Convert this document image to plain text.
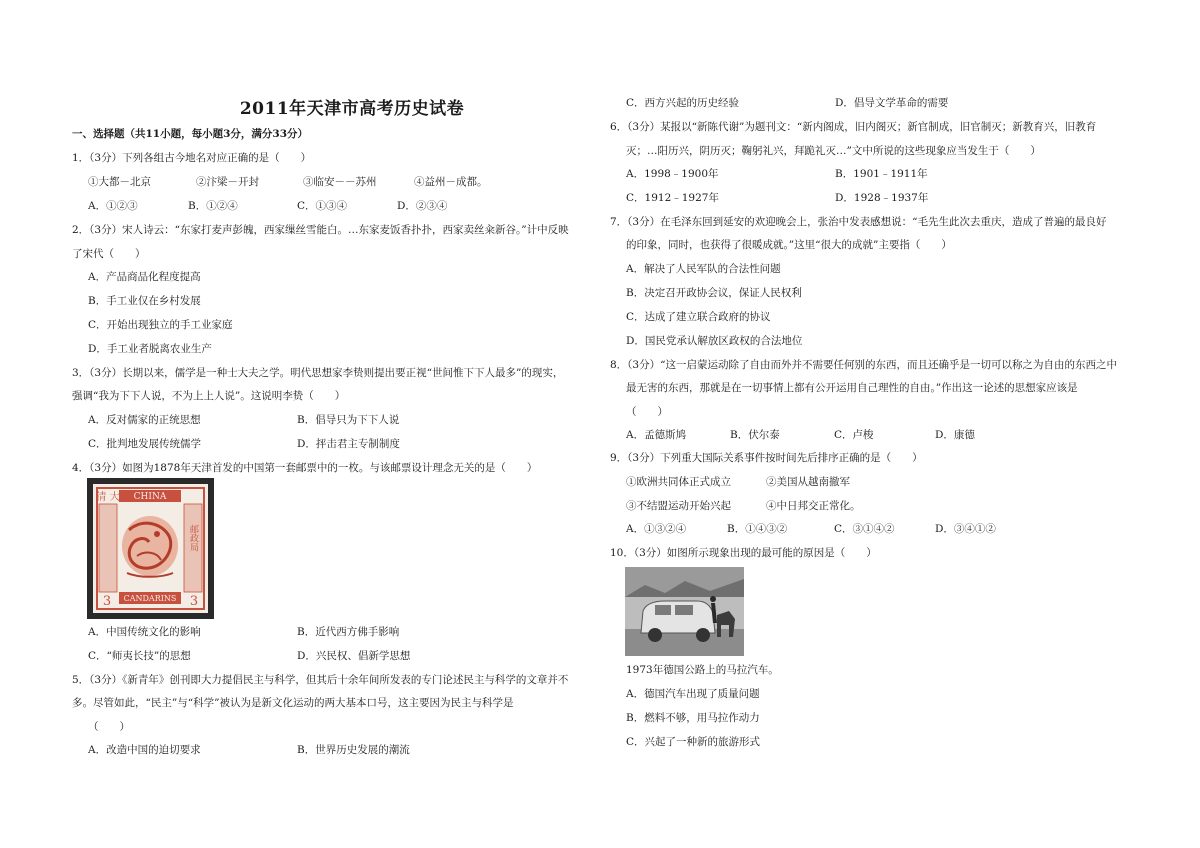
2011年天津市高考历史试卷
一、选择题（共11小题，每小题3分，满分33分）
1．（3分）下列各组古今地名对应正确的是（　　）
①大都－北京	②汴梁－开封	③临安－－苏州	④益州－成都。
A．①②③	B．①②④	C．①③④	D．②③④
2．（3分）宋人诗云：“东家打麦声彭魄，西家缫丝雪能白。…东家麦饭香扑扑，西家卖丝籴新谷。”计中反映
了宋代（　　）
A．产品商品化程度提高
B．手工业仅在乡村发展
C．开始出现独立的手工业家庭
D．手工业者脱离农业生产
3．（3分）长期以来，儒学是一种士大夫之学。明代思想家李贽则提出要正视“世间惟下下人最多”的现实，
强调“我为下下人说，不为上上人说”。这说明李贽（　　）
A．反对儒家的正统思想	B．倡导只为下下人说
C．批判地发展传统儒学	D．抨击君主专制制度
4．（3分）如图为1878年天津首发的中国第一套邮票中的一枚。与该邮票设计理念无关的是（　　）
CHINA
清 大
邮政局
CANDARINS
3	3
A．中国传统文化的影响	B．近代西方佛手影响
C．“师夷长技”的思想	D．兴民权、倡新学思想
5．（3分）《新青年》创刊即大力提倡民主与科学，但其后十余年间所发表的专门论述民主与科学的文章并不
多。尽管如此，“民主”与“科学”被认为是新文化运动的两大基本口号，这主要因为民主与科学是
（　　）
A．改造中国的迫切要求	B．世界历史发展的潮流
C．西方兴起的历史经验	D．倡导文学革命的需要
6．（3分）某报以“新陈代谢”为题刊文：“新内阁成，旧内阁灭；新官制成，旧官制灭；新教育兴，旧教育
灭；…阳历兴，阴历灭；鞠躬礼兴，拜跪礼灭…”文中所说的这些现象应当发生于（　　）
A．1998﹣1900年	B．1901﹣1911年
C．1912﹣1927年	D．1928﹣1937年
7．（3分）在毛泽东回到延安的欢迎晚会上，张治中发表感想说：“毛先生此次去重庆，造成了普遍的最良好
的印象，同时，也获得了很暖成就。”这里“很大的成就”主要指（　　）
A．解决了人民军队的合法性问题
B．决定召开政协会议，保证人民权利
C．达成了建立联合政府的协议
D．国民党承认解放区政权的合法地位
8．（3分）“这一启蒙运动除了自由而外并不需要任何别的东西，而且还确乎是一切可以称之为自由的东西之中
最无害的东西，那就是在一切事情上都有公开运用自己理性的自由。”作出这一论述的思想家应该是
（　　）
A．孟德斯鸠	B．伏尔泰	C．卢梭	D．康德
9．（3分）下列重大国际关系事件按时间先后排序正确的是（　　）
①欧洲共同体正式成立	②美国从越南撤军
③不结盟运动开始兴起	④中日邦交正常化。
A．①③②④	B．①④③②	C．③①④②	D．③④①②
10．（3分）如图所示现象出现的最可能的原因是（　　）
1973年德国公路上的马拉汽车。
A．德国汽车出现了质量问题
B．燃料不够，用马拉作动力
C．兴起了一种新的旅游形式
